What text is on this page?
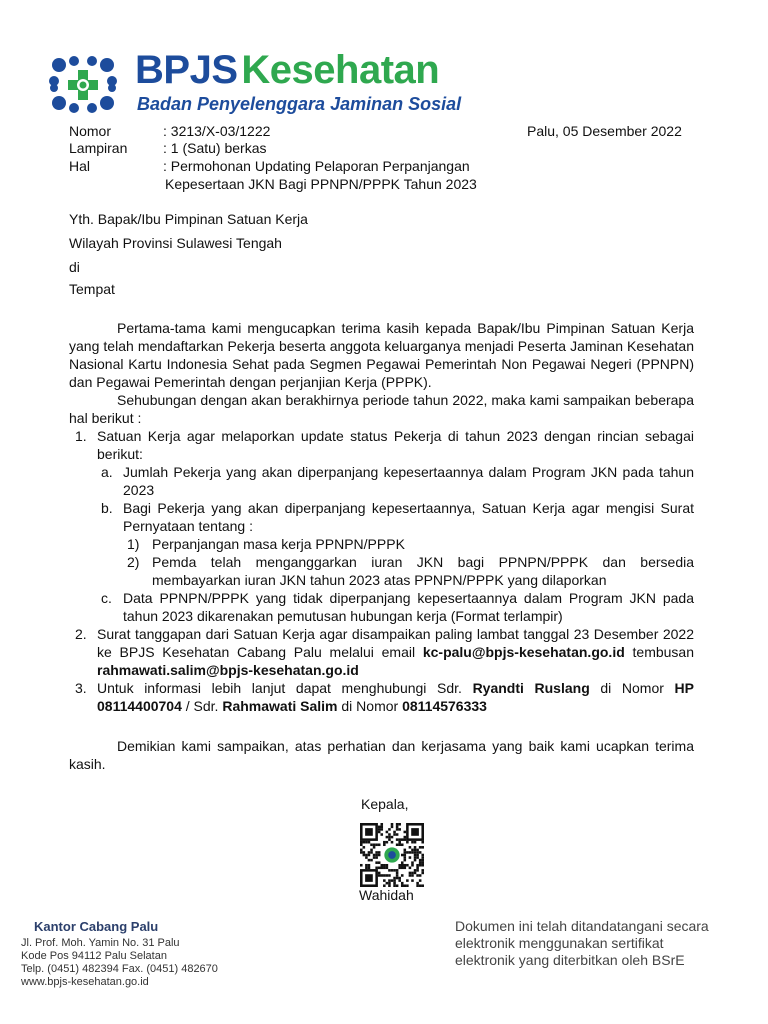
BPJS Kesehatan
Badan Penyelenggara Jaminan Sosial
Nomor	: 3213/X-03/1222	Palu, 05 Desember 2022
Lampiran	: 1 (Satu) berkas
Hal	: Permohonan Updating Pelaporan Perpanjangan
Kepesertaan JKN Bagi PPNPN/PPPK Tahun 2023
Yth. Bapak/Ibu Pimpinan Satuan Kerja
Wilayah Provinsi Sulawesi Tengah
di
Tempat

Pertama-tama kami mengucapkan terima kasih kepada Bapak/Ibu Pimpinan Satuan Kerja yang telah mendaftarkan Pekerja beserta anggota keluarganya menjadi Peserta Jaminan Kesehatan Nasional Kartu Indonesia Sehat pada Segmen Pegawai Pemerintah Non Pegawai Negeri (PPNPN) dan Pegawai Pemerintah dengan perjanjian Kerja (PPPK).

Sehubungan dengan akan berakhirnya periode tahun 2022, maka kami sampaikan beberapa hal berikut :

1. Satuan Kerja agar melaporkan update status Pekerja di tahun 2023 dengan rincian sebagai berikut:
a. Jumlah Pekerja yang akan diperpanjang kepesertaannya dalam Program JKN pada tahun 2023
b. Bagi Pekerja yang akan diperpanjang kepesertaannya, Satuan Kerja agar mengisi Surat Pernyataan tentang :
1) Perpanjangan masa kerja PPNPN/PPPK
2) Pemda telah menganggarkan iuran JKN bagi PPNPN/PPPK dan bersedia membayarkan iuran JKN tahun 2023 atas PPNPN/PPPK yang dilaporkan
c. Data PPNPN/PPPK yang tidak diperpanjang kepesertaannya dalam Program JKN pada tahun 2023 dikarenakan pemutusan hubungan kerja (Format terlampir)
2. Surat tanggapan dari Satuan Kerja agar disampaikan paling lambat tanggal 23 Desember 2022 ke BPJS Kesehatan Cabang Palu melalui email kc-palu@bpjs-kesehatan.go.id tembusan rahmawati.salim@bpjs-kesehatan.go.id
3. Untuk informasi lebih lanjut dapat menghubungi Sdr. Ryandti Ruslang di Nomor HP 08114400704 / Sdr. Rahmawati Salim di Nomor 08114576333

Demikian kami sampaikan, atas perhatian dan kerjasama yang baik kami ucapkan terima kasih.

Kepala,
Wahidah
Kantor Cabang Palu
Jl. Prof. Moh. Yamin No. 31 Palu
Kode Pos 94112 Palu Selatan
Telp. (0451) 482394 Fax. (0451) 482670
www.bpjs-kesehatan.go.id
Dokumen ini telah ditandatangani secara
elektronik menggunakan sertifikat
elektronik yang diterbitkan oleh BSrE
